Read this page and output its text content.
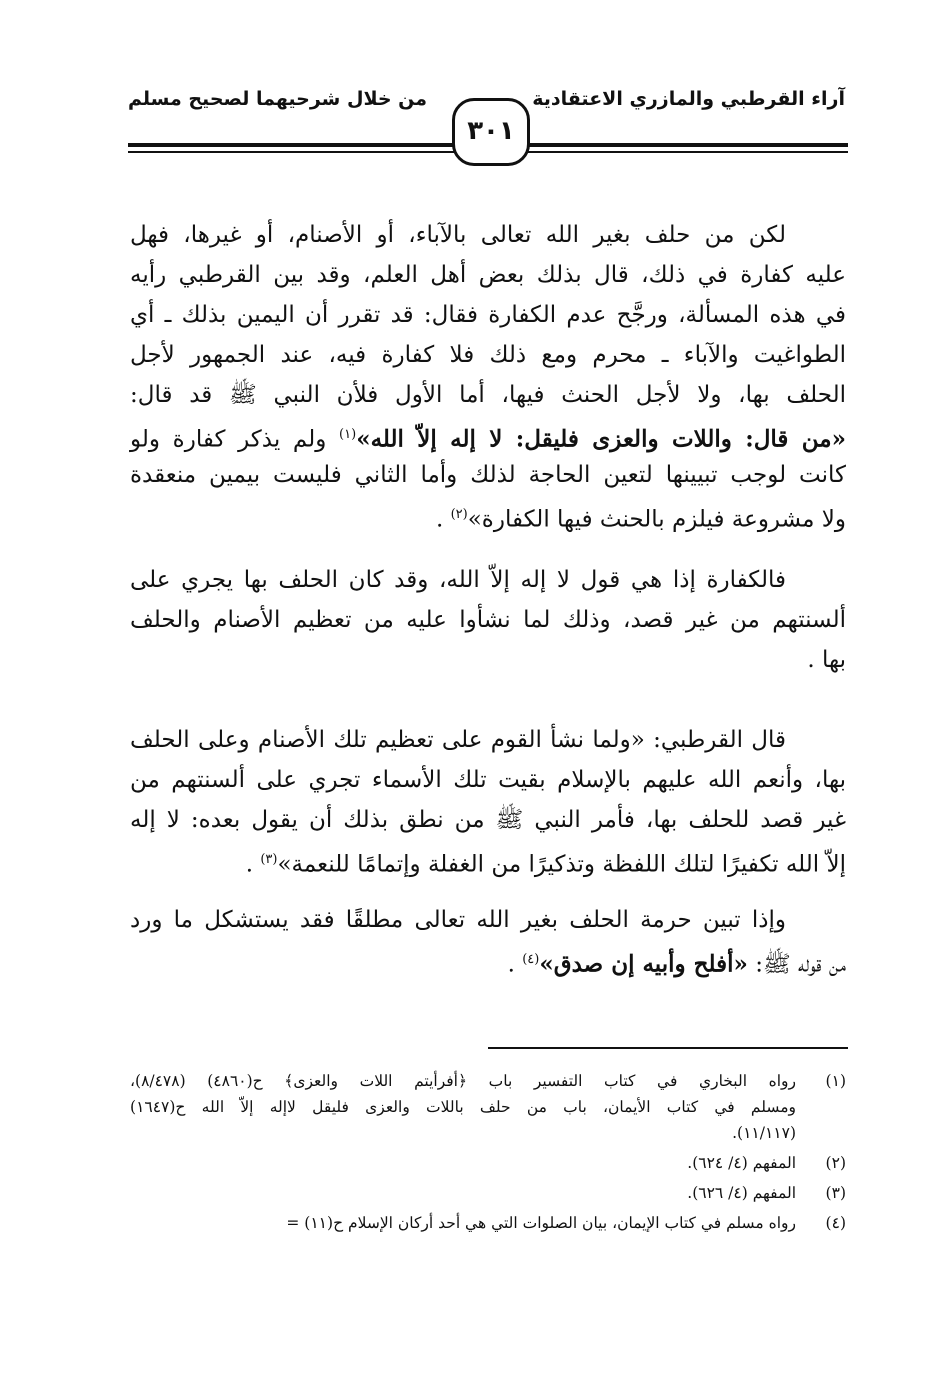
آراء القرطبي والمازري الاعتقادية
من خلال شرحيهما لصحيح مسلم
٣٠١
لكن من حلف بغير الله تعالى بالآباء، أو الأصنام، أو غيرها، فهل
عليه كفارة في ذلك، قال بذلك بعض أهل العلم، وقد بين القرطبي رأيه
في هذه المسألة، ورجَّح عدم الكفارة فقال: قد تقرر أن اليمين بذلك ـ أي
الطواغيت والآباء ـ محرم ومع ذلك فلا كفارة فيه، عند الجمهور لأجل
الحلف بها، ولا لأجل الحنث فيها، أما الأول فلأن النبي ﷺ قد قال:
«من قال: واللات والعزى فليقل: لا إله إلاّ الله»$^{(١)}$ ولم يذكر كفارة ولو
كانت لوجب تبيينها لتعين الحاجة لذلك وأما الثاني فليست بيمين منعقدة
ولا مشروعة فيلزم بالحنث فيها الكفارة»$^{(٢)}$ .
فالكفارة إذا هي قول لا إله إلاّ الله، وقد كان الحلف بها يجري على
ألسنتهم من غير قصد، وذلك لما نشأوا عليه من تعظيم الأصنام والحلف
بها .
قال القرطبي: «ولما نشأ القوم على تعظيم تلك الأصنام وعلى الحلف
بها، وأنعم الله عليهم بالإسلام بقيت تلك الأسماء تجري على ألسنتهم من
غير قصد للحلف بها، فأمر النبي ﷺ من نطق بذلك أن يقول بعده: لا إله
إلاّ الله تكفيرًا لتلك اللفظة وتذكيرًا من الغفلة وإتمامًا للنعمة»$^{(٣)}$ .
وإذا تبين حرمة الحلف بغير الله تعالى مطلقًا فقد يستشكل ما ورد
من قوله ﷺ: «أفلح وأبيه إن صدق»$^{(٤)}$ .
(١)
رواه البخاري في كتاب التفسير باب ﴿أفرأيتم اللات والعزى﴾ ح(٤٨٦٠) (٨/٤٧٨)،
ومسلم في كتاب الأيمان، باب من حلف باللات والعزى فليقل لاإله إلاّ الله ح(١٦٤٧)
(١١/١١٧).
(٢)
المفهم (٤/ ٦٢٤).
(٣)
المفهم (٤/ ٦٢٦).
(٤)
رواه مسلم في كتاب الإيمان، بيان الصلوات التي هي أحد أركان الإسلام ح(١١) =
